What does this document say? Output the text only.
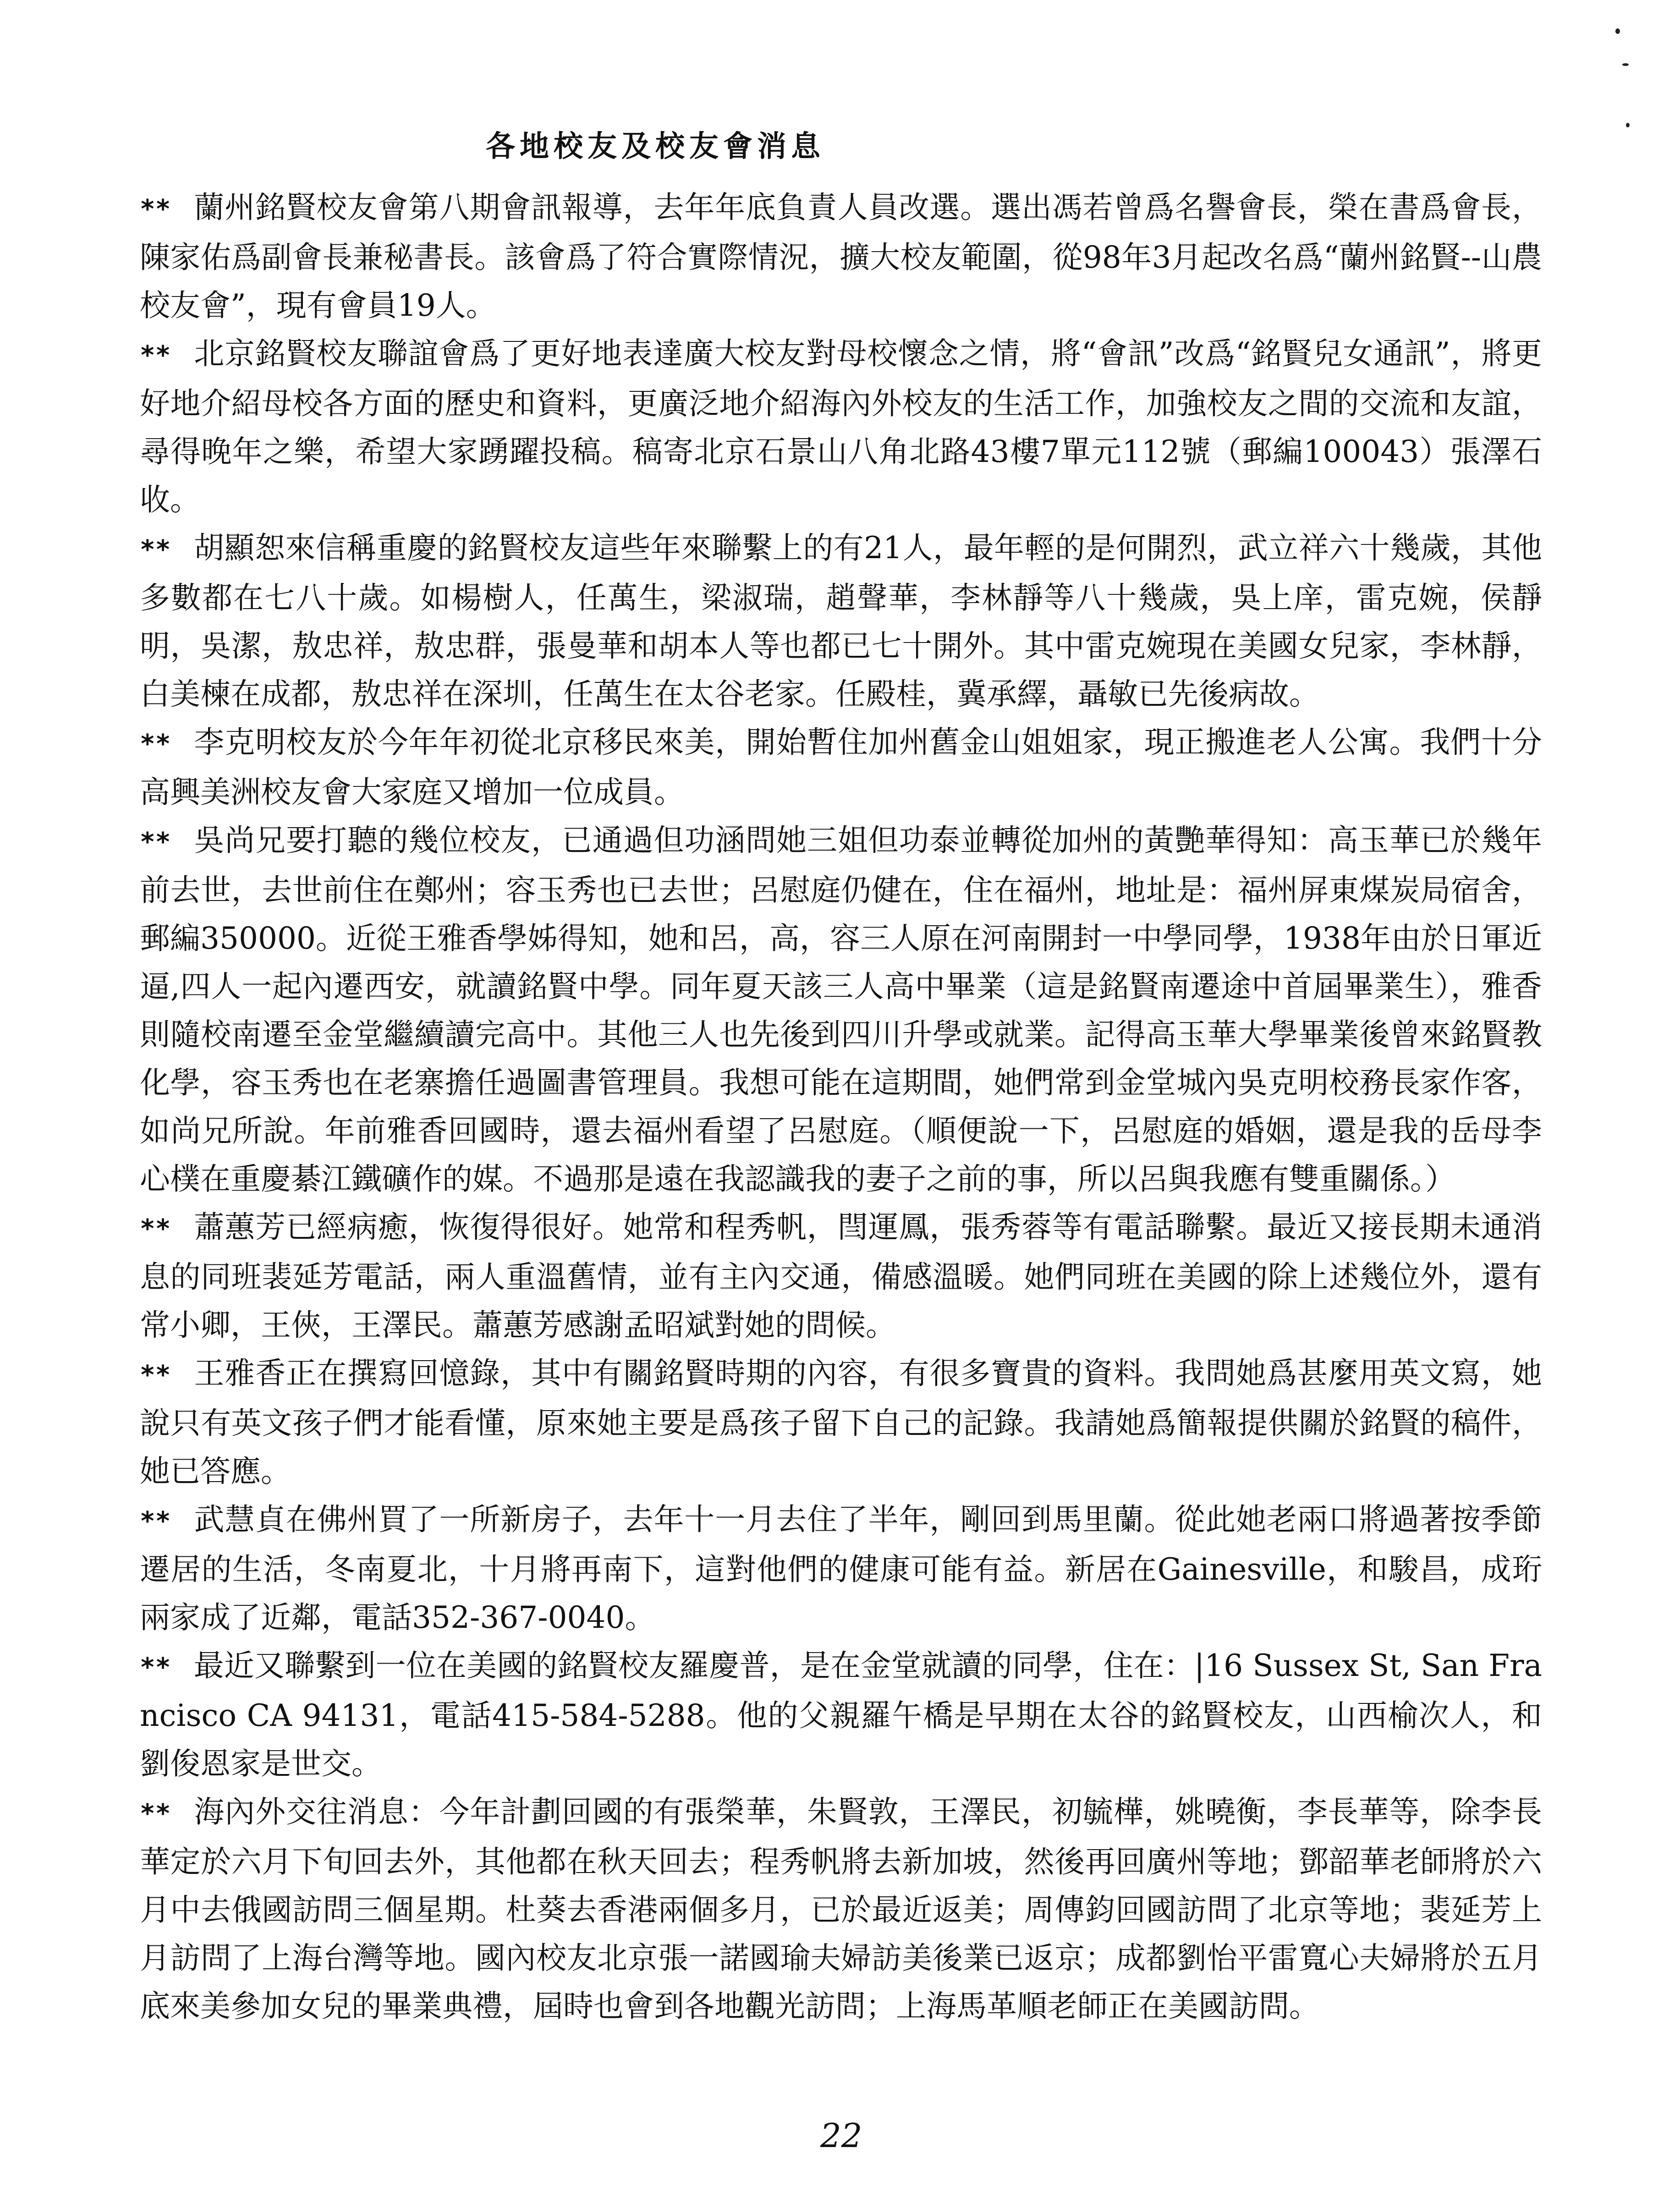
各地校友及校友會消息

** 蘭州銘賢校友會第八期會訊報導，去年年底負責人員改選。選出馮若曾爲名譽會長，榮在書爲會長，陳家佑爲副會長兼秘書長。該會爲了符合實際情況，擴大校友範圍，從98年3月起改名爲“蘭州銘賢--山農校友會”，現有會員19人。

** 北京銘賢校友聯誼會爲了更好地表達廣大校友對母校懷念之情，將“會訊”改爲“銘賢兒女通訊”，將更好地介紹母校各方面的歷史和資料，更廣泛地介紹海內外校友的生活工作，加強校友之間的交流和友誼，尋得晚年之樂，希望大家踴躍投稿。稿寄北京石景山八角北路43樓7單元112號（郵編100043）張澤石收。

** 胡顯恕來信稱重慶的銘賢校友這些年來聯繫上的有21人，最年輕的是何開烈，武立祥六十幾歲，其他多數都在七八十歲。如楊樹人，任萬生，梁淑瑞，趙聲華，李林靜等八十幾歲，吳上庠，雷克婉，侯靜明，吳潔，敖忠祥，敖忠群，張曼華和胡本人等也都已七十開外。其中雷克婉現在美國女兒家，李林靜，白美楝在成都，敖忠祥在深圳，任萬生在太谷老家。任殿桂，冀承繹，聶敏已先後病故。

** 李克明校友於今年年初從北京移民來美，開始暫住加州舊金山姐姐家，現正搬進老人公寓。我們十分高興美洲校友會大家庭又增加一位成員。

** 吳尚兄要打聽的幾位校友，已通過但功涵問她三姐但功泰並轉從加州的黃艷華得知：高玉華已於幾年前去世，去世前住在鄭州；容玉秀也已去世；呂慰庭仍健在，住在福州，地址是：福州屏東煤炭局宿舍，郵編350000。近從王雅香學姊得知，她和呂，高，容三人原在河南開封一中學同學，1938年由於日軍近逼,四人一起內遷西安，就讀銘賢中學。同年夏天該三人高中畢業（這是銘賢南遷途中首屆畢業生），雅香則隨校南遷至金堂繼續讀完高中。其他三人也先後到四川升學或就業。記得高玉華大學畢業後曾來銘賢教化學，容玉秀也在老寨擔任過圖書管理員。我想可能在這期間，她們常到金堂城內吳克明校務長家作客，如尚兄所說。年前雅香回國時，還去福州看望了呂慰庭。（順便說一下，呂慰庭的婚姻，還是我的岳母李心樸在重慶綦江鐵礦作的媒。不過那是遠在我認識我的妻子之前的事，所以呂與我應有雙重關係。）

** 蕭蕙芳已經病癒，恢復得很好。她常和程秀帆，閆運鳳，張秀蓉等有電話聯繫。最近又接長期未通消息的同班裴延芳電話，兩人重溫舊情，並有主內交通，備感溫暖。她們同班在美國的除上述幾位外，還有常小卿，王俠，王澤民。蕭蕙芳感謝孟昭斌對她的問候。

** 王雅香正在撰寫回憶錄，其中有關銘賢時期的內容，有很多寶貴的資料。我問她爲甚麼用英文寫，她說只有英文孩子們才能看懂，原來她主要是爲孩子留下自己的記錄。我請她爲簡報提供關於銘賢的稿件，她已答應。

** 武慧貞在佛州買了一所新房子，去年十一月去住了半年，剛回到馬里蘭。從此她老兩口將過著按季節遷居的生活，冬南夏北，十月將再南下，這對他們的健康可能有益。新居在Gainesville，和駿昌，成珩兩家成了近鄰，電話352-367-0040。

** 最近又聯繫到一位在美國的銘賢校友羅慶普，是在金堂就讀的同學，住在：|16 Sussex St, San Francisco CA 94131，電話415-584-5288。他的父親羅午橋是早期在太谷的銘賢校友，山西榆次人，和劉俊恩家是世交。

** 海內外交往消息：今年計劃回國的有張榮華，朱賢敦，王澤民，初毓樺，姚曉衡，李長華等，除李長華定於六月下旬回去外，其他都在秋天回去；程秀帆將去新加坡，然後再回廣州等地；鄧韶華老師將於六月中去俄國訪問三個星期。杜葵去香港兩個多月，已於最近返美；周傳鈞回國訪問了北京等地；裴延芳上月訪問了上海台灣等地。國內校友北京張一諾國瑜夫婦訪美後業已返京；成都劉怡平雷寬心夫婦將於五月底來美參加女兒的畢業典禮，屆時也會到各地觀光訪問；上海馬革順老師正在美國訪問。

22
